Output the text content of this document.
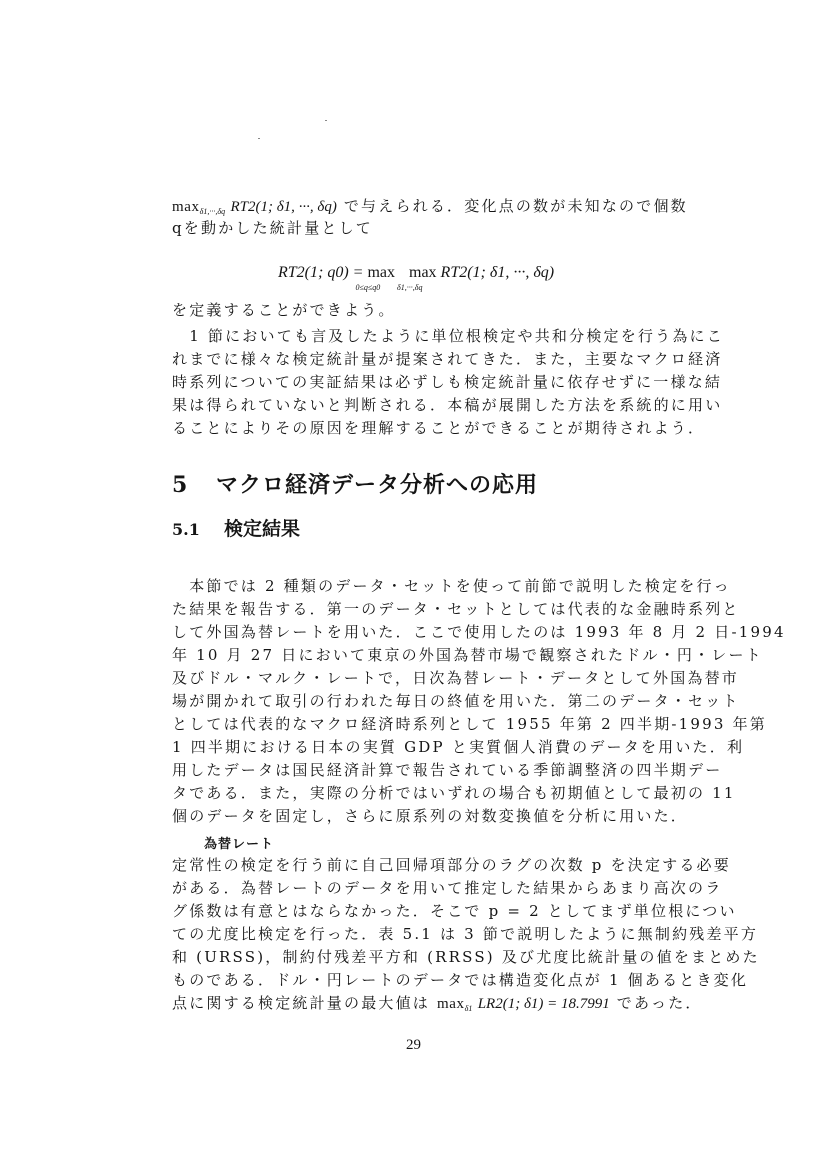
$\max_{\delta 1,\cdot\cdot\cdot,\delta q} RT2(1$; δ1, ···, δq) で与えられる．変化点の数が未知なので個数
qを動かした統計量として
RT2(1; q0) = max
0≤q≤q0
max
δ1,···,δq
RT2(1; δ1, ···, δq)
を定義することができよう。
　1 節においても言及したように単位根検定や共和分検定を行う為にこ
れまでに様々な検定統計量が提案されてきた．また，主要なマクロ経済
時系列についての実証結果は必ずしも検定統計量に依存せずに一様な結
果は得られていないと判断される．本稿が展開した方法を系統的に用い
ることによりその原因を理解することができることが期待されよう．
5 マクロ経済データ分析への応用
5.1 検定結果
　本節では 2 種類のデータ・セットを使って前節で説明した検定を行っ
た結果を報告する．第一のデータ・セットとしては代表的な金融時系列と
して外国為替レートを用いた．ここで使用したのは 1993 年 8 月 2 日-1994
年 10 月 27 日において東京の外国為替市場で観察されたドル・円・レート
及びドル・マルク・レートで，日次為替レート・データとして外国為替市
場が開かれて取引の行われた毎日の終値を用いた．第二のデータ・セット
としては代表的なマクロ経済時系列として 1955 年第 2 四半期-1993 年第
1 四半期における日本の実質 GDP と実質個人消費のデータを用いた．利
用したデータは国民経済計算で報告されている季節調整済の四半期デー
タである．また，実際の分析ではいずれの場合も初期値として最初の 11
個のデータを固定し，さらに原系列の対数変換値を分析に用いた．
為替レート
定常性の検定を行う前に自己回帰項部分のラグの次数 p を決定する必要
がある．為替レートのデータを用いて推定した結果からあまり高次のラ
グ係数は有意とはならなかった．そこで p = 2 としてまず単位根につい
ての尤度比検定を行った．表 5.1 は 3 節で説明したように無制約残差平方
和 (URSS)，制約付残差平方和 (RRSS) 及び尤度比統計量の値をまとめた
ものである．ドル・円レートのデータでは構造変化点が 1 個あるとき変化
点に関する検定統計量の最大値は $\max_{\delta 1} LR2(1$; δ1) = 18.7991 であった．
29
